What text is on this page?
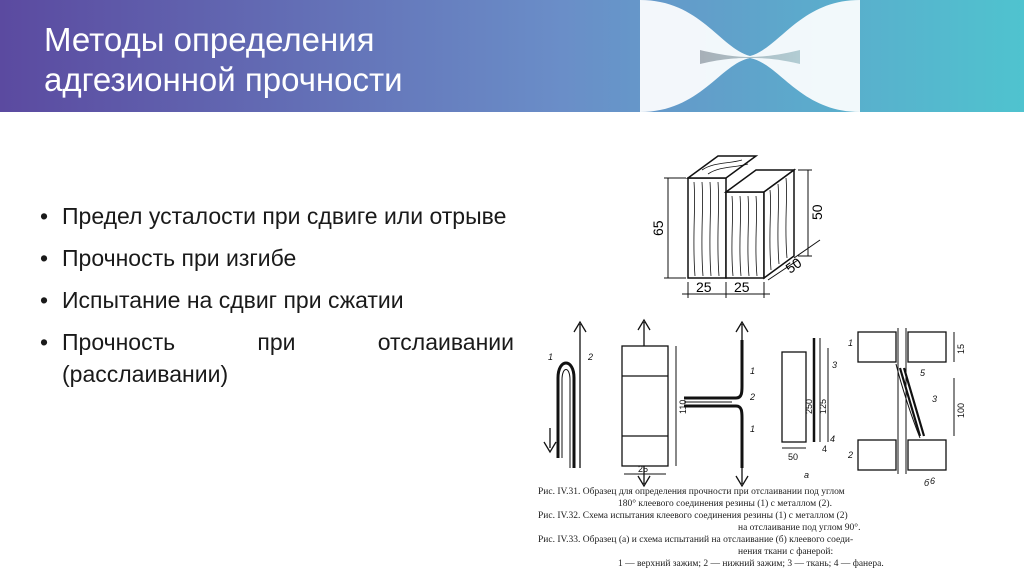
Методы определения
адгезионной прочности
• Предел усталости при сдвиге или отрыве
• Прочность при изгибе
• Испытание на сдвиг при сжатии
• Прочность при отслаивании (расслаивании)
65
50
50
25 25
1	2
1
2
1
3
4
1
2
3
5
6
а
б
110
25
250 125
50
4
100
15
Рис. IV.31. Образец для определения прочности при отслаивании под углом
180° клеевого соединения резины (1) с металлом (2).
Рис. IV.32. Схема испытания клеевого соединения резины (1) с металлом (2)
на отслаивание под углом 90°.
Рис. IV.33. Образец (а) и схема испытаний на отслаивание (б) клеевого соеди-
нения ткани с фанерой:
1 — верхний зажим; 2 — нижний зажим; 3 — ткань; 4 — фанера.
